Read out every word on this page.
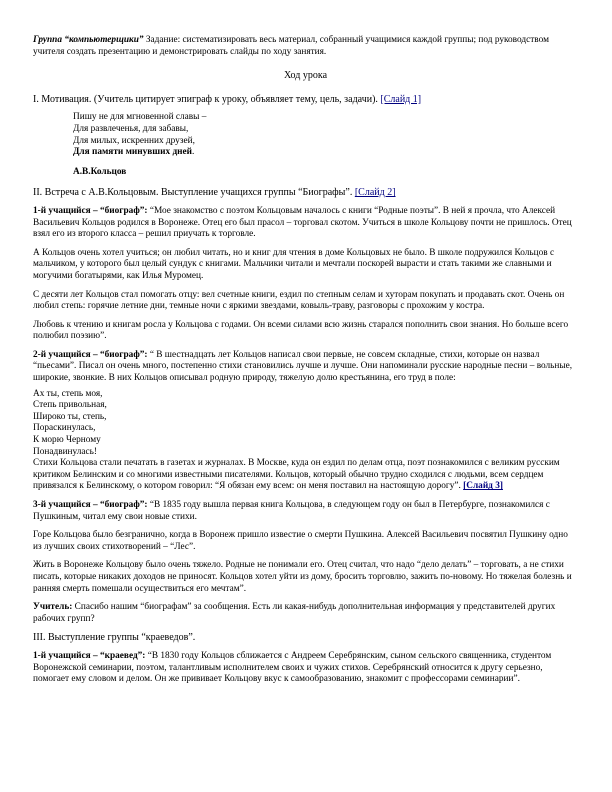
Группа “компьютерщики” Задание: систематизировать весь материал, собранный учащимися каждой группы; под руководством учителя создать презентацию и демонстрировать слайды по ходу занятия.

Ход урока

I. Мотивация. (Учитель цитирует эпиграф к уроку, объявляет тему, цель, задачи). [Слайд 1]

Пишу не для мгновенной славы –
Для развлеченья, для забавы,
Для милых, искренних друзей,
Для памяти минувших дней.

А.В.Кольцов

II. Встреча с А.В.Кольцовым. Выступление учащихся группы “Биографы”. [Слайд 2]

1-й учащийся – “биограф”: “Мое знакомство с поэтом Кольцовым началось с книги “Родные поэты”. В ней я прочла, что Алексей Васильевич Кольцов родился в Воронеже. Отец его был прасол – торговал скотом. Учиться в школе Кольцову почти не пришлось. Отец взял его из второго класса – решил приучать к торговле.

А Кольцов очень хотел учиться; он любил читать, но и книг для чтения в доме Кольцовых не было. В школе подружился Кольцов с мальчиком, у которого был целый сундук с книгами. Мальчики читали и мечтали поскорей вырасти и стать такими же славными и могучими богатырями, как Илья Муромец.

С десяти лет Кольцов стал помогать отцу: вел счетные книги, ездил по степным селам и хуторам покупать и продавать скот. Очень он любил степь: горячие летние дни, темные ночи с яркими звездами, ковыль-траву, разговоры с прохожим у костра.

Любовь к чтению и книгам росла у Кольцова с годами. Он всеми силами всю жизнь старался пополнить свои знания. Но больше всего полюбил поэзию”.

2-й учащийся – “биограф”: “ В шестнадцать лет Кольцов написал свои первые, не совсем складные, стихи, которые он назвал “пьесами”. Писал он очень много, постепенно стихи становились лучше и лучше. Они напоминали русские народные песни – вольные, широкие, звонкие. В них Кольцов описывал родную природу, тяжелую долю крестьянина, его труд в поле:

Ах ты, степь моя,
Степь привольная,
Широко ты, степь,
Пораскинулась,
К морю Черному
Понадвинулась!

Стихи Кольцова стали печатать в газетах и журналах. В Москве, куда он ездил по делам отца, поэт познакомился с великим русским критиком Белинским и со многими известными писателями. Кольцов, который обычно трудно сходился с людьми, всем сердцем привязался к Белинскому, о котором говорил: “Я обязан ему всем: он меня поставил на настоящую дорогу”. [Слайд 3]

3-й учащийся – “биограф”: “В 1835 году вышла первая книга Кольцова, в следующем году он был в Петербурге, познакомился с Пушкиным, читал ему свои новые стихи.

Горе Кольцова было безгранично, когда в Воронеж пришло известие о смерти Пушкина. Алексей Васильевич посвятил Пушкину одно из лучших своих стихотворений – “Лес”.

Жить в Воронеже Кольцову было очень тяжело. Родные не понимали его. Отец считал, что надо “дело делать” – торговать, а не стихи писать, которые никаких доходов не приносят. Кольцов хотел уйти из дому, бросить торговлю, зажить по-новому. Но тяжелая болезнь и ранняя смерть помешали осуществиться его мечтам”.

Учитель: Спасибо нашим “биографам” за сообщения. Есть ли какая-нибудь дополнительная информация у представителей других рабочих групп?

III. Выступление группы “краеведов”.

1-й учащийся – “краевед”: “В 1830 году Кольцов сближается с Андреем Серебрянским, сыном сельского священника, студентом Воронежской семинарии, поэтом, талантливым исполнителем своих и чужих стихов. Серебрянский относится к другу серьезно, помогает ему словом и делом. Он же прививает Кольцову вкус к самообразованию, знакомит с профессорами семинарии”.
